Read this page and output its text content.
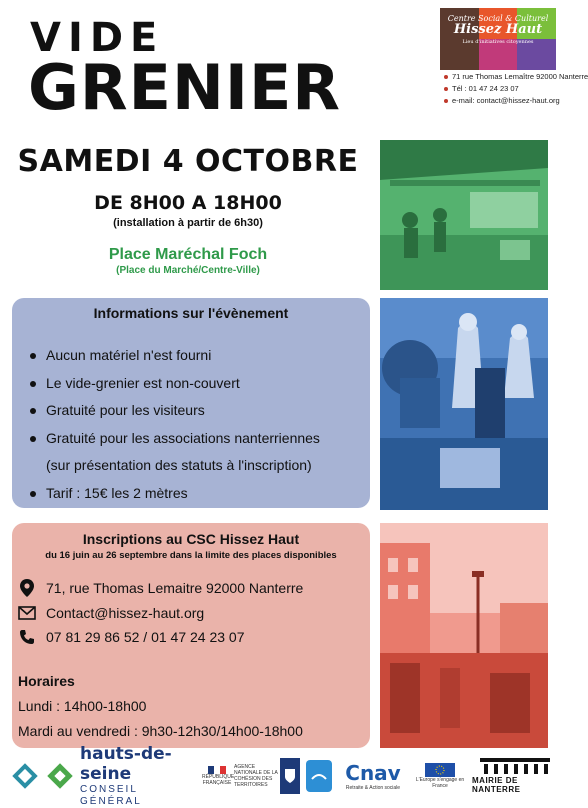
VIDE
GRENIER
Centre Social & Culturel
Hissez Haut
Lieu d'initiatives citoyennes
71 rue Thomas Lemaître 92000 Nanterre
Tél : 01 47 24 23 07
e-mail: contact@hissez-haut.org
SAMEDI 4 OCTOBRE
DE 8H00 A 18H00
(installation à partir de 6h30)
Place Maréchal Foch
(Place du Marché/Centre-Ville)
Informations sur l'évènement
Aucun matériel n'est fourni
Le vide-grenier est non-couvert
Gratuité pour les visiteurs
Gratuité pour les associations nanterriennes
(sur présentation des statuts à l'inscription)
Tarif : 15€ les 2 mètres
Inscriptions au CSC Hissez Haut
du 16 juin au 26 septembre dans la limite des places disponibles
71, rue Thomas Lemaitre 92000 Nanterre
Contact@hissez-haut.org
07 81 29 86 52 / 01 47 24 23 07
Horaires
Lundi : 14h00-18h00
Mardi au vendredi : 9h30-12h30/14h00-18h00
hauts-de-seine
CONSEIL GÉNÉRAL
RÉPUBLIQUE FRANÇAISE
AGENCE NATIONALE DE LA COHÉSION DES TERRITOIRES	Cnav
Retraite & Action sociale
L'Europe s'engage en France
MAIRIE DE NANTERRE
